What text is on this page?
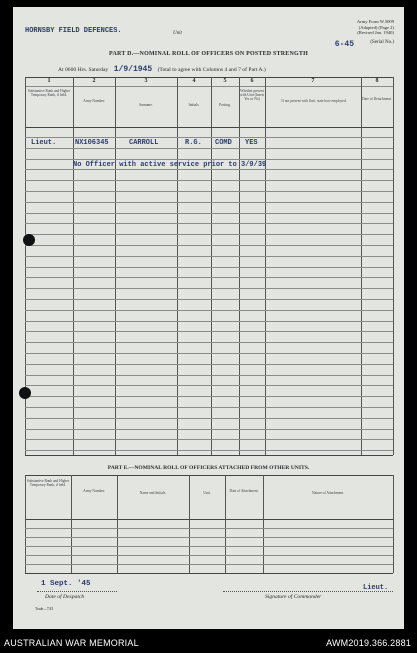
HORNSBY FIELD DEFENCES.	Unit
Army Form W.3009
(Adapted) (Page 2)
(Revised Jan. 1940)
6-45	(Serial No.)
PART D.—NOMINAL ROLL OF OFFICERS ON POSTED STRENGTH
At 0600 Hrs. Saturday 1/9/1945 (Total to agree with Columns 4 and 7 of Part A.)
1	2	3	4	5	6	7	8
Substantive Rank and Higher Temporary Rank, if held.
Army Number.
Surname.	Initials.	Posting.
Whether present with Unit (Insert Yes or No)	If not present with Unit, state how employed.	Date of Detachment.
Lieut.	NX106345	CARROLL	R.G. COMD YES
No Officer with active service prior to 3/9/39
PART E.—NOMINAL ROLL OF OFFICERS ATTACHED FROM OTHER UNITS.
Substantive Rank and Higher Temporary Rank, if held.
Army Number.	Name and Initials.	Unit.	Date of Attachment.	Nature of Attachment.
1 Sept. '45
Date of Despatch
Lieut.
Signature of Commander
Trade—7/45
AUSTRALIAN WAR MEMORIAL	AWM2019.366.2881
